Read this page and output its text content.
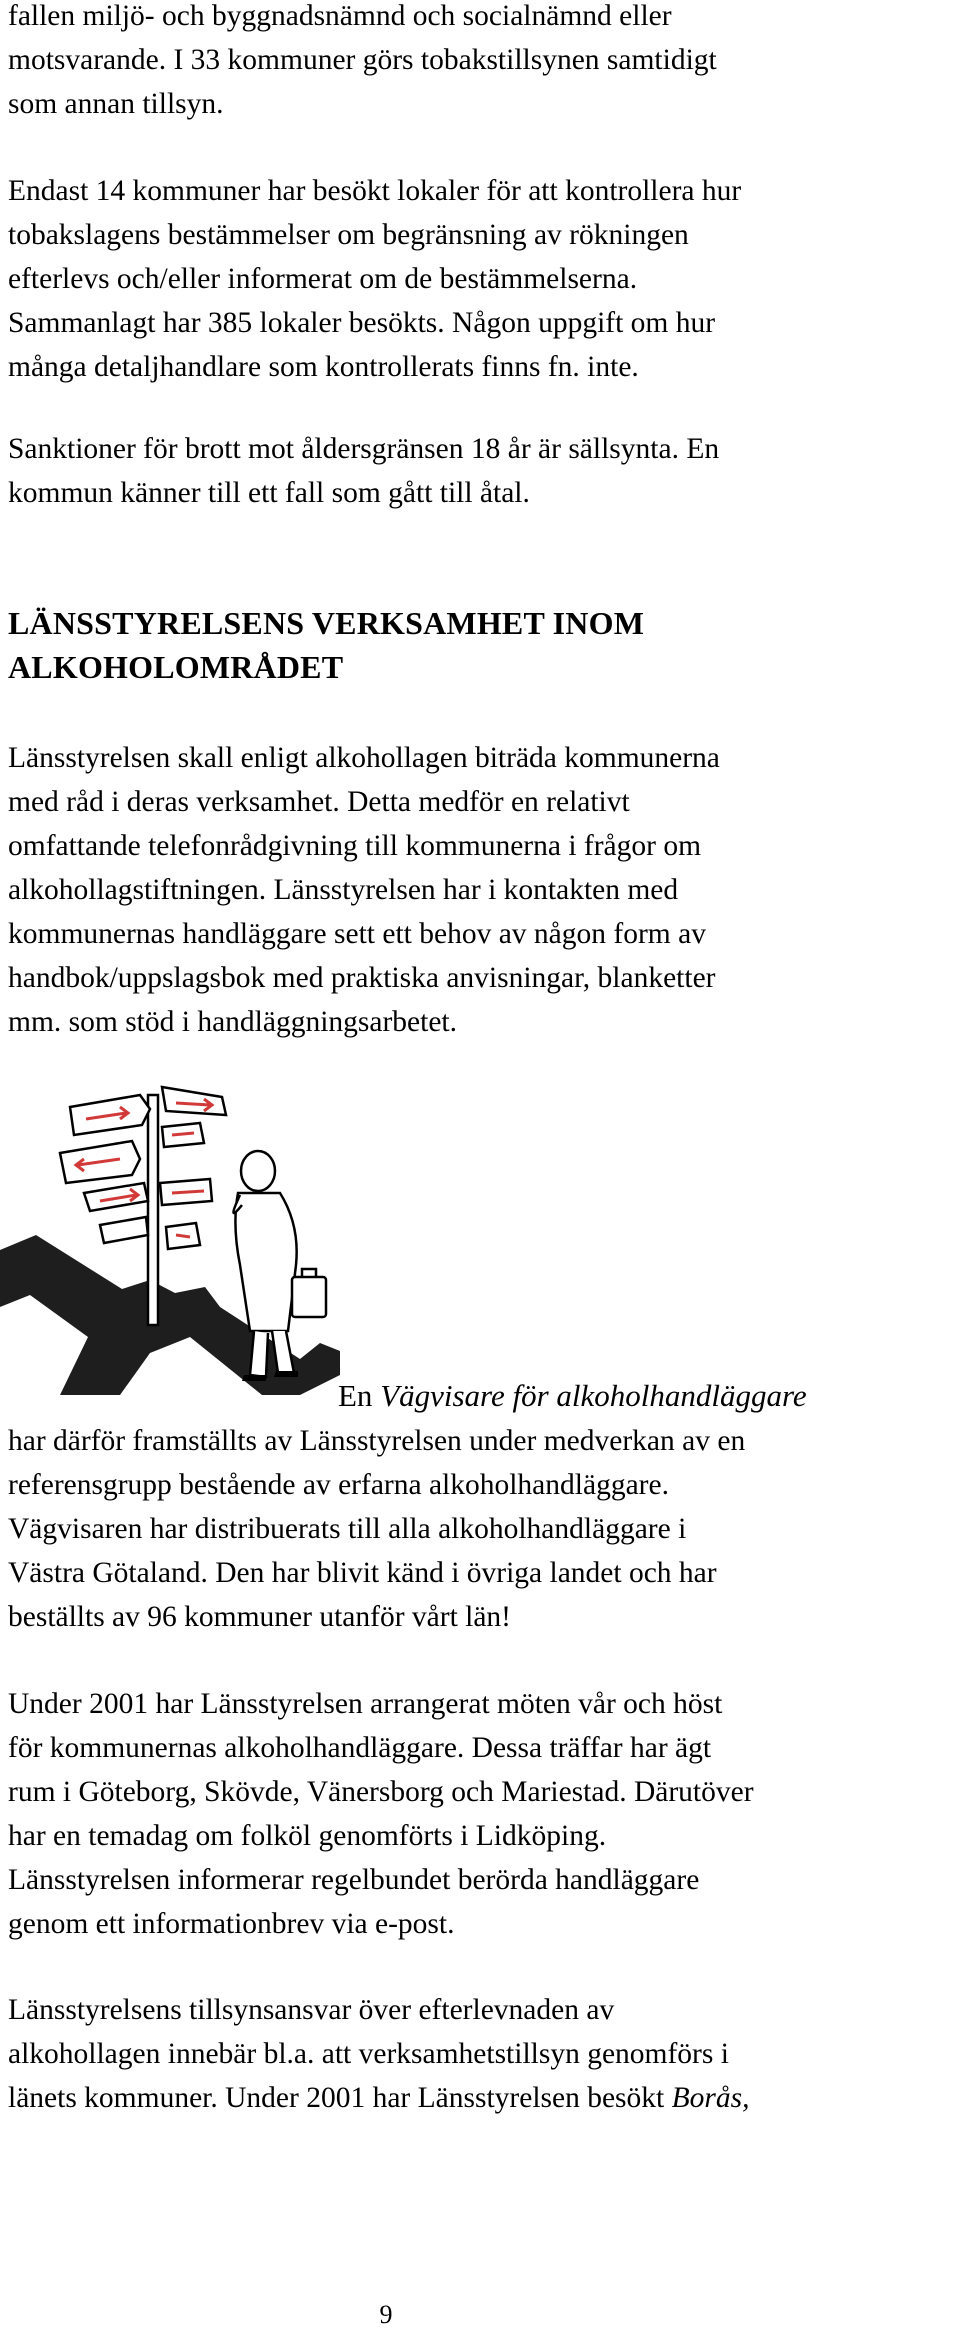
fallen miljö- och byggnadsnämnd och socialnämnd eller
motsvarande. I 33 kommuner görs tobakstillsynen samtidigt
som annan tillsyn.

Endast 14 kommuner har besökt lokaler för att kontrollera hur
tobakslagens bestämmelser om begränsning av rökningen
efterlevs och/eller informerat om de bestämmelserna.
Sammanlagt har 385 lokaler besökts. Någon uppgift om hur
många detaljhandlare som kontrollerats finns fn. inte.

Sanktioner för brott mot åldersgränsen 18 år är sällsynta. En
kommun känner till ett fall som gått till åtal.

LÄNSSTYRELSENS VERKSAMHET INOM
ALKOHOLOMRÅDET

Länsstyrelsen skall enligt alkohollagen biträda kommunerna
med råd i deras verksamhet. Detta medför en relativt
omfattande telefonrådgivning till kommunerna i frågor om
alkohollagstiftningen. Länsstyrelsen har i kontakten med
kommunernas handläggare sett ett behov av någon form av
handbok/uppslagsbok med praktiska anvisningar, blanketter
mm. som stöd i handläggningsarbetet.

En Vägvisare för alkoholhandläggare

har därför framställts av Länsstyrelsen under medverkan av en
referensgrupp bestående av erfarna alkoholhandläggare.
Vägvisaren har distribuerats till alla alkoholhandläggare i
Västra Götaland. Den har blivit känd i övriga landet och har
beställts av 96 kommuner utanför vårt län!

Under 2001 har Länsstyrelsen arrangerat möten vår och höst
för kommunernas alkoholhandläggare. Dessa träffar har ägt
rum i Göteborg, Skövde, Vänersborg och Mariestad. Därutöver
har en temadag om folköl genomförts i Lidköping.
Länsstyrelsen informerar regelbundet berörda handläggare
genom ett informationbrev via e-post.

Länsstyrelsens tillsynsansvar över efterlevnaden av
alkohollagen innebär bl.a. att verksamhetstillsyn genomförs i
länets kommuner. Under 2001 har Länsstyrelsen besökt Borås,

9
